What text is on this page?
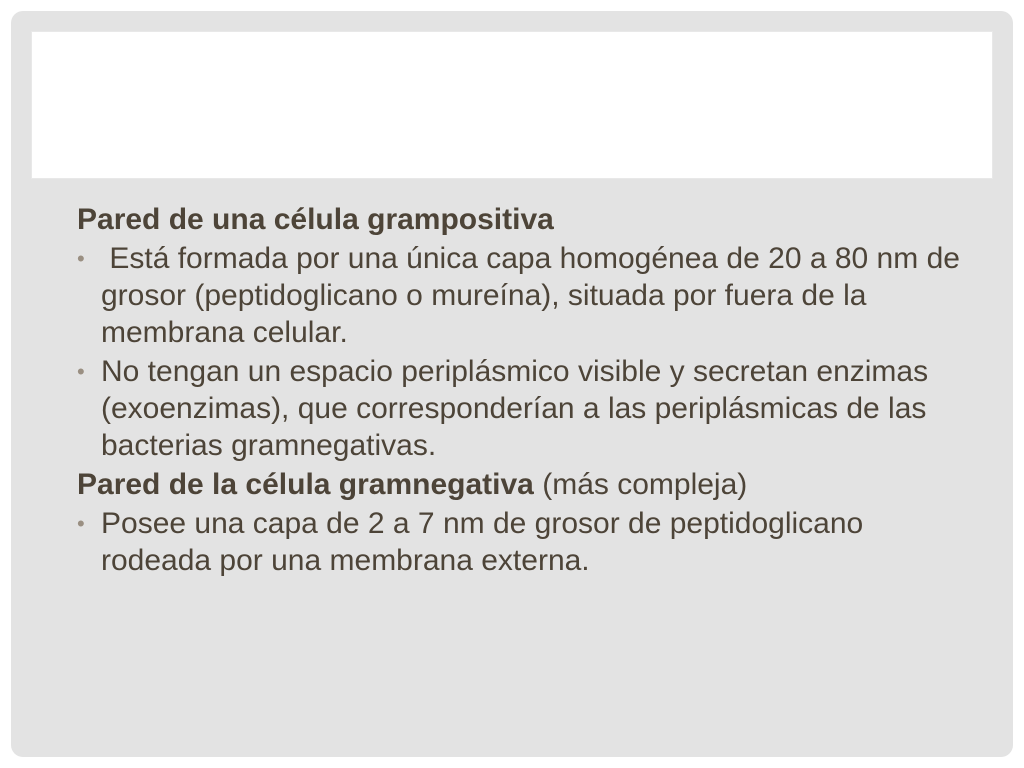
Pared de una célula grampositiva
• Está formada por una única capa homogénea de 20 a 80 nm de grosor (peptidoglicano o mureína), situada por fuera de la membrana celular.
• No tengan un espacio periplásmico visible y secretan enzimas (exoenzimas), que corresponderían a las periplásmicas de las bacterias gramnegativas.
Pared de la célula gramnegativa (más compleja)
• Posee una capa de 2 a 7 nm de grosor de peptidoglicano rodeada por una membrana externa.
